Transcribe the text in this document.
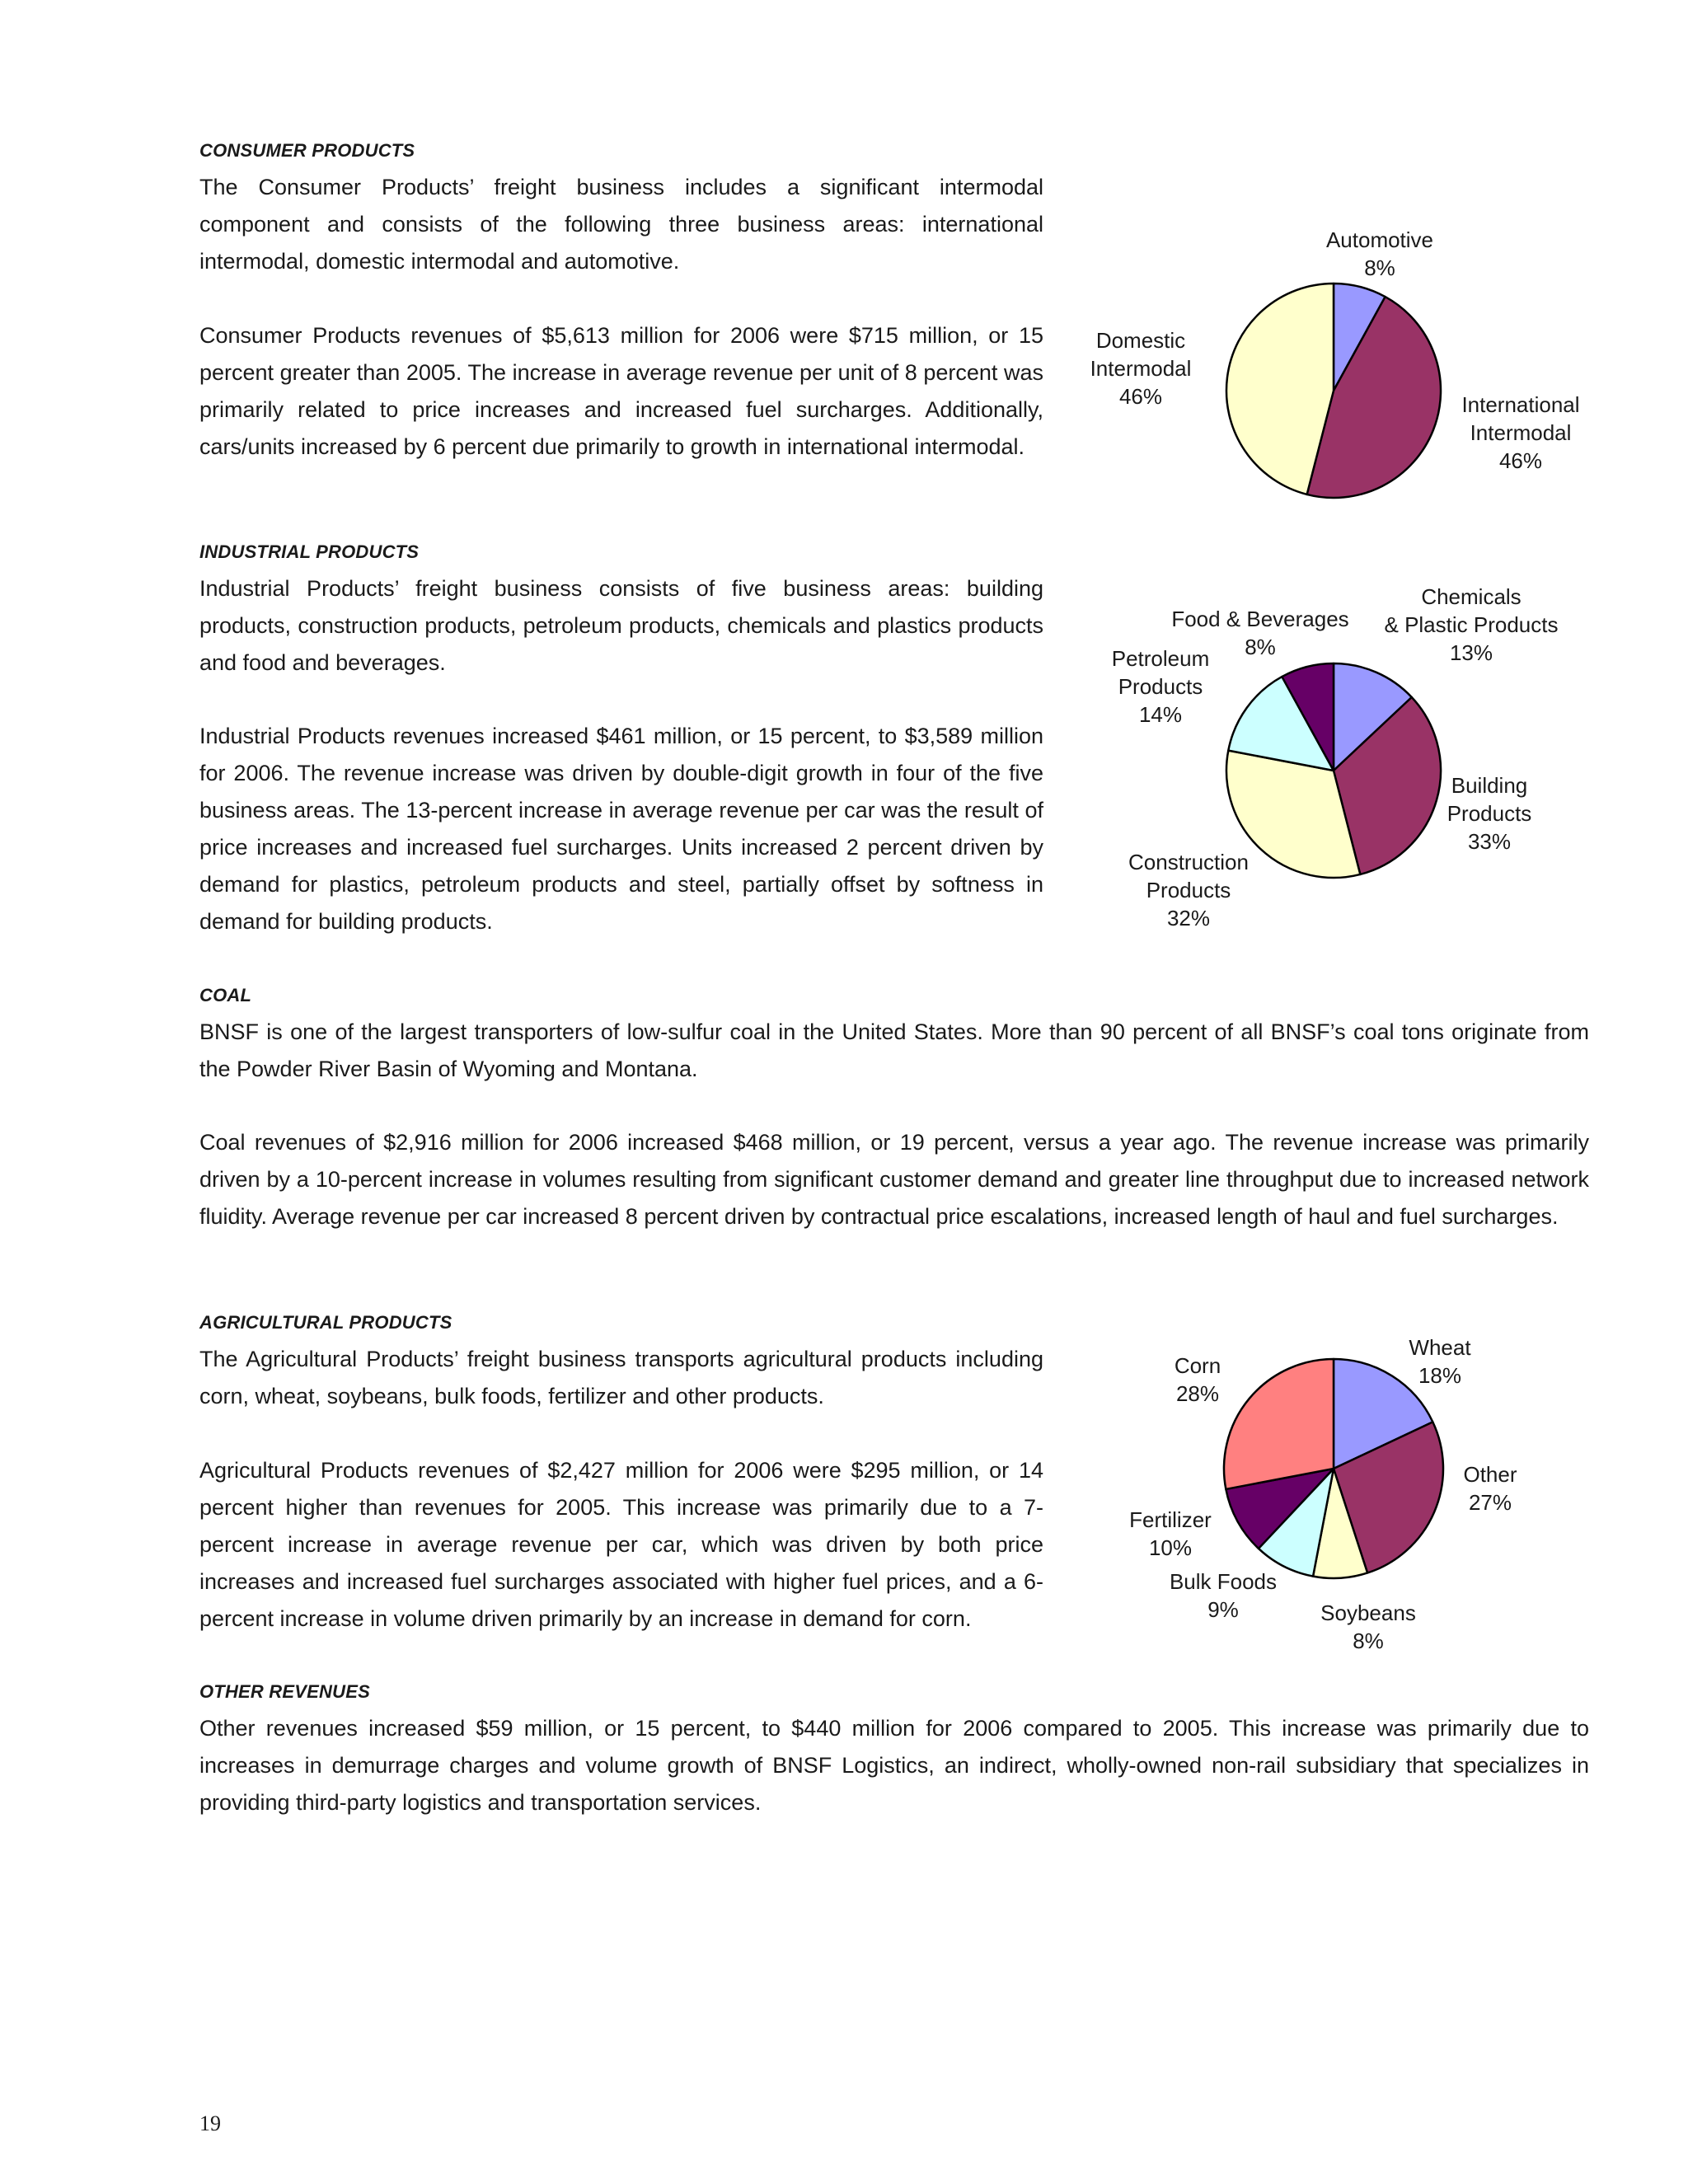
CONSUMER PRODUCTS

The Consumer Products’ freight business includes a significant intermodal component and consists of the following three business areas: international intermodal, domestic intermodal and automotive.

Consumer Products revenues of $5,613 million for 2006 were $715 million, or 15 percent greater than 2005. The increase in average revenue per unit of 8 percent was primarily related to price increases and increased fuel surcharges. Additionally, cars/units increased by 6 percent due primarily to growth in international intermodal.

Automotive 8%
International Intermodal 46%
Domestic Intermodal 46%
INDUSTRIAL PRODUCTS

Industrial Products’ freight business consists of five business areas: building products, construction products, petroleum products, chemicals and plastics products and food and beverages.

Industrial Products revenues increased $461 million, or 15 percent, to $3,589 million for 2006. The revenue increase was driven by double-digit growth in four of the five business areas. The 13-percent increase in average revenue per car was the result of price increases and increased fuel surcharges. Units increased 2 percent driven by demand for plastics, petroleum products and steel, partially offset by softness in demand for building products.

Chemicals & Plastic Products 13%
Building Products 33%
Construction Products 32%
Petroleum Products 14%
Food & Beverages 8%
COAL

BNSF is one of the largest transporters of low-sulfur coal in the United States. More than 90 percent of all BNSF’s coal tons originate from the Powder River Basin of Wyoming and Montana.

Coal revenues of $2,916 million for 2006 increased $468 million, or 19 percent, versus a year ago. The revenue increase was primarily driven by a 10-percent increase in volumes resulting from significant customer demand and greater line throughput due to increased network fluidity. Average revenue per car increased 8 percent driven by contractual price escalations, increased length of haul and fuel surcharges.

AGRICULTURAL PRODUCTS

The Agricultural Products’ freight business transports agricultural products including corn, wheat, soybeans, bulk foods, fertilizer and other products.

Agricultural Products revenues of $2,427 million for 2006 were $295 million, or 14 percent higher than revenues for 2005. This increase was primarily due to a 7-percent increase in average revenue per car, which was driven by both price increases and increased fuel surcharges associated with higher fuel prices, and a 6-percent increase in volume driven primarily by an increase in demand for corn.

Wheat 18%
Other 27%
Soybeans 8%
Bulk Foods 9%
Fertilizer 10%
Corn 28%
OTHER REVENUES

Other revenues increased $59 million, or 15 percent, to $440 million for 2006 compared to 2005. This increase was primarily due to increases in demurrage charges and volume growth of BNSF Logistics, an indirect, wholly-owned non-rail subsidiary that specializes in providing third-party logistics and transportation services.

19
